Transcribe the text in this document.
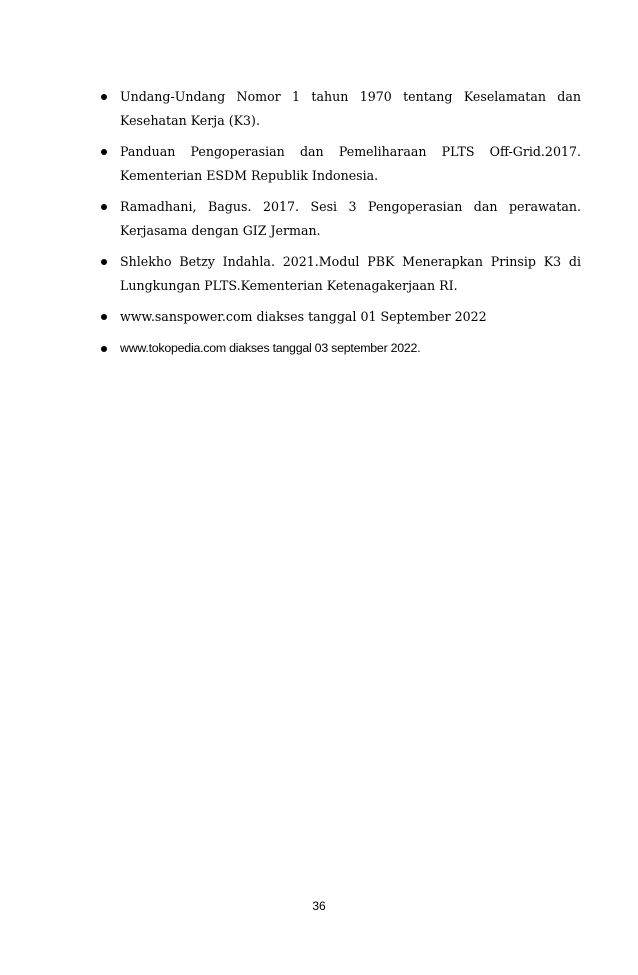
Undang-Undang Nomor 1 tahun 1970 tentang Keselamatan dan Kesehatan Kerja (K3).
Panduan Pengoperasian dan Pemeliharaan PLTS Off-Grid.2017. Kementerian ESDM Republik Indonesia.
Ramadhani, Bagus. 2017. Sesi 3 Pengoperasian dan perawatan. Kerjasama dengan GIZ Jerman.
Shlekho Betzy Indahla. 2021.Modul PBK Menerapkan Prinsip K3 di Lungkungan PLTS.Kementerian Ketenagakerjaan RI.
www.sanspower.com diakses tanggal 01 September 2022
www.tokopedia.com diakses tanggal 03 september 2022.
36
